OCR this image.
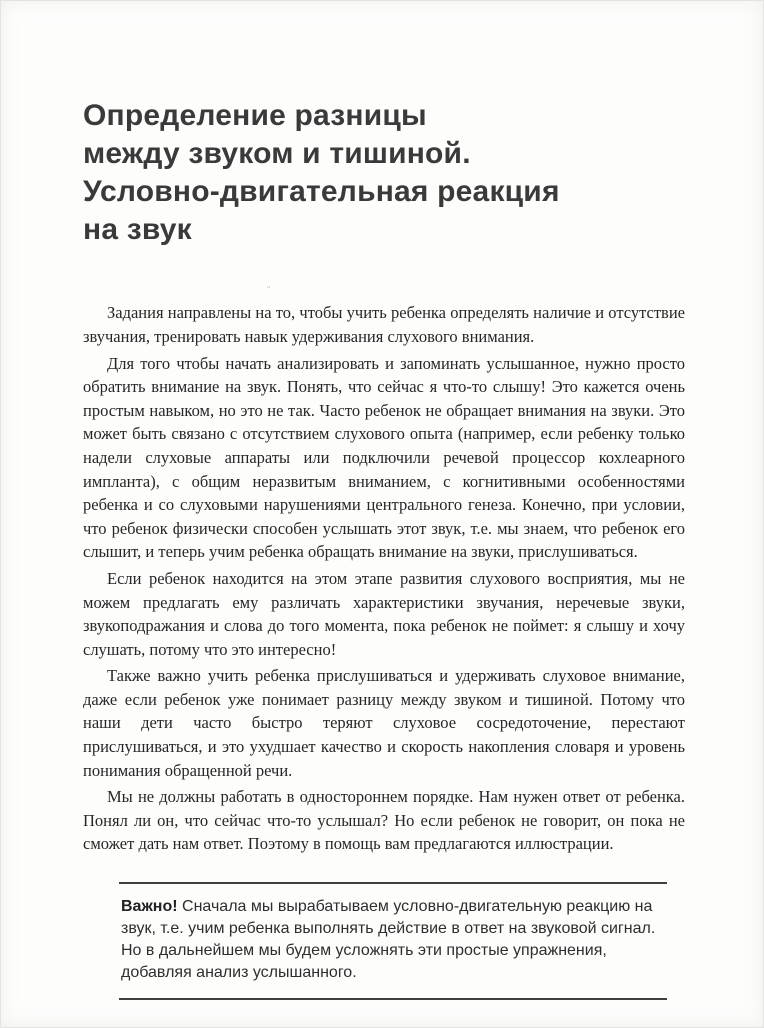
Определение разницы
между звуком и тишиной.
Условно-двигательная реакция
на звук

Задания направлены на то, чтобы учить ребенка определять наличие и отсутствие звучания, тренировать навык удерживания слухового внимания.

Для того чтобы начать анализировать и запоминать услышанное, нужно просто обратить внимание на звук. Понять, что сейчас я что-то слышу! Это кажется очень простым навыком, но это не так. Часто ребенок не обращает внимания на звуки. Это может быть связано с отсутствием слухового опыта (например, если ребенку только надели слуховые аппараты или подключили речевой процессор кохлеарного импланта), с общим неразвитым вниманием, с когнитивными особенностями ребенка и со слуховыми нарушениями центрального генеза. Конечно, при условии, что ребенок физически способен услышать этот звук, т.е. мы знаем, что ребенок его слышит, и теперь учим ребенка обращать внимание на звуки, прислушиваться.

Если ребенок находится на этом этапе развития слухового восприятия, мы не можем предлагать ему различать характеристики звучания, неречевые звуки, звукоподражания и слова до того момента, пока ребенок не поймет: я слышу и хочу слушать, потому что это интересно!

Также важно учить ребенка прислушиваться и удерживать слуховое внимание, даже если ребенок уже понимает разницу между звуком и тишиной. Потому что наши дети часто быстро теряют слуховое сосредоточение, перестают прислушиваться, и это ухудшает качество и скорость накопления словаря и уровень понимания обращенной речи.

Мы не должны работать в одностороннем порядке. Нам нужен ответ от ребенка. Понял ли он, что сейчас что-то услышал? Но если ребенок не говорит, он пока не сможет дать нам ответ. Поэтому в помощь вам предлагаются иллюстрации.

Важно! Сначала мы вырабатываем условно-двигательную реакцию на звук, т.е. учим ребенка выполнять действие в ответ на звуковой сигнал. Но в дальнейшем мы будем усложнять эти простые упражнения, добавляя анализ услышанного.
¨
